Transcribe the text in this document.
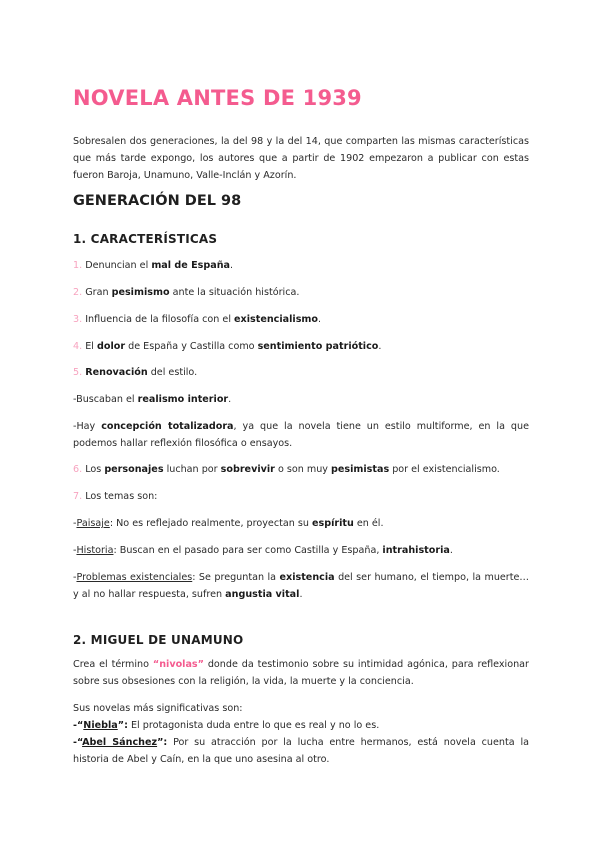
NOVELA ANTES DE 1939

Sobresalen dos generaciones, la del 98 y la del 14, que comparten las mismas características que más tarde expongo, los autores que a partir de 1902 empezaron a publicar con estas fueron Baroja, Unamuno, Valle-Inclán y Azorín.

GENERACIÓN DEL 98
1. CARACTERÍSTICAS

1. Denuncian el mal de España.

2. Gran pesimismo ante la situación histórica.

3. Influencia de la filosofía con el existencialismo.

4. El dolor de España y Castilla como sentimiento patriótico.

5. Renovación del estilo.

-Buscaban el realismo interior.

-Hay concepción totalizadora, ya que la novela tiene un estilo multiforme, en la que podemos hallar reflexión filosófica o ensayos.

6. Los personajes luchan por sobrevivir o son muy pesimistas por el existencialismo.

7. Los temas son:

-Paisaje: No es reflejado realmente, proyectan su espíritu en él.

-Historia: Buscan en el pasado para ser como Castilla y España, intrahistoria.

-Problemas existenciales: Se preguntan la existencia del ser humano, el tiempo, la muerte… y al no hallar respuesta, sufren angustia vital.

2. MIGUEL DE UNAMUNO

Crea el término “nivolas” donde da testimonio sobre su intimidad agónica, para reflexionar sobre sus obsesiones con la religión, la vida, la muerte y la conciencia.

Sus novelas más significativas son:

-“Niebla”: El protagonista duda entre lo que es real y no lo es.

-“Abel Sánchez”: Por su atracción por la lucha entre hermanos, está novela cuenta la historia de Abel y Caín, en la que uno asesina al otro.
